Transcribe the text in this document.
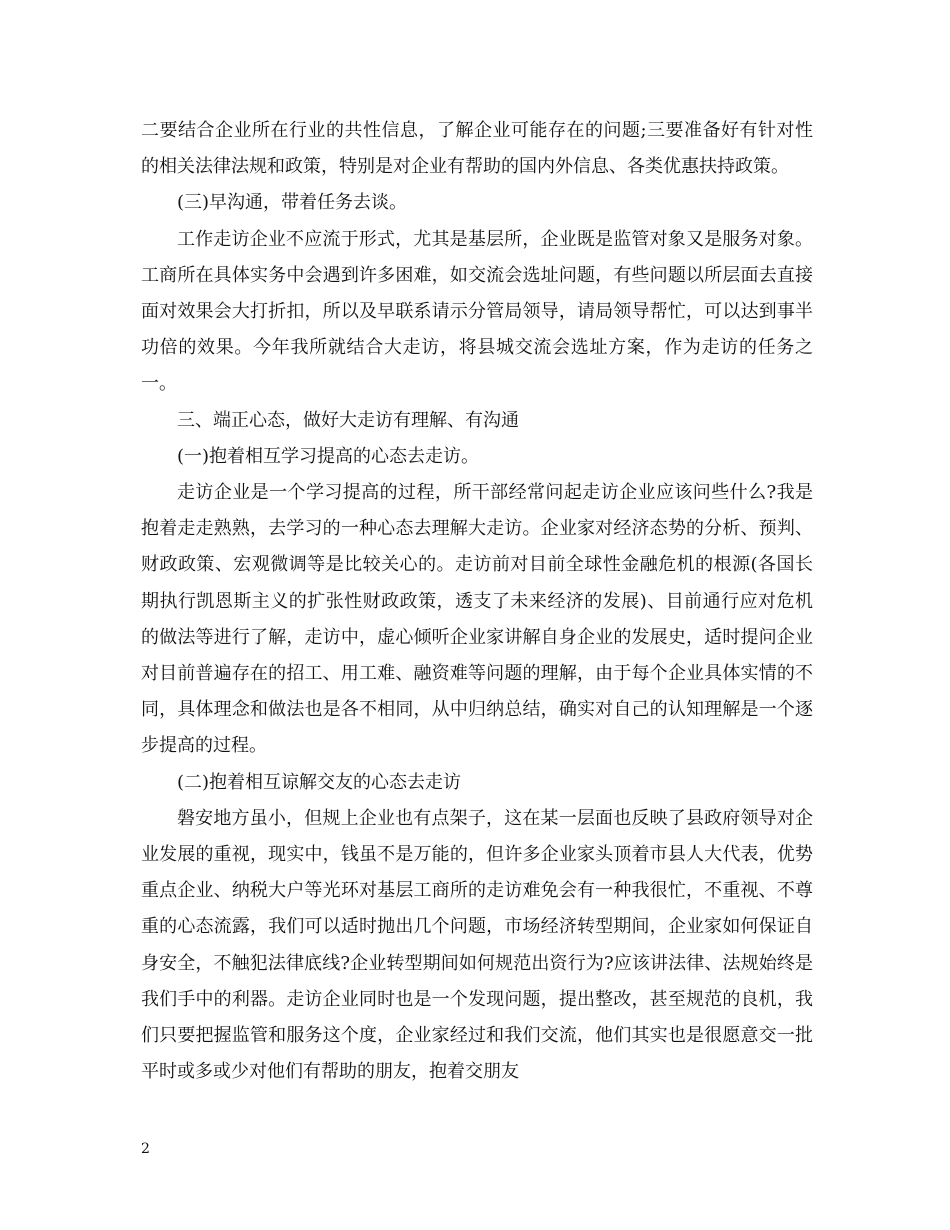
二要结合企业所在行业的共性信息，了解企业可能存在的问题;三要准备好有针对性的相关法律法规和政策，特别是对企业有帮助的国内外信息、各类优惠扶持政策。

(三)早沟通，带着任务去谈。

工作走访企业不应流于形式，尤其是基层所，企业既是监管对象又是服务对象。工商所在具体实务中会遇到许多困难，如交流会选址问题，有些问题以所层面去直接面对效果会大打折扣，所以及早联系请示分管局领导，请局领导帮忙，可以达到事半功倍的效果。今年我所就结合大走访，将县城交流会选址方案，作为走访的任务之一。

三、端正心态，做好大走访有理解、有沟通

(一)抱着相互学习提高的心态去走访。

走访企业是一个学习提高的过程，所干部经常问起走访企业应该问些什么?我是抱着走走熟熟，去学习的一种心态去理解大走访。企业家对经济态势的分析、预判、财政政策、宏观微调等是比较关心的。走访前对目前全球性金融危机的根源(各国长期执行凯恩斯主义的扩张性财政政策，透支了未来经济的发展)、目前通行应对危机的做法等进行了解，走访中，虚心倾听企业家讲解自身企业的发展史，适时提问企业对目前普遍存在的招工、用工难、融资难等问题的理解，由于每个企业具体实情的不同，具体理念和做法也是各不相同，从中归纳总结，确实对自己的认知理解是一个逐步提高的过程。

(二)抱着相互谅解交友的心态去走访

磐安地方虽小，但规上企业也有点架子，这在某一层面也反映了县政府领导对企业发展的重视，现实中，钱虽不是万能的，但许多企业家头顶着市县人大代表，优势重点企业、纳税大户等光环对基层工商所的走访难免会有一种我很忙，不重视、不尊重的心态流露，我们可以适时抛出几个问题，市场经济转型期间，企业家如何保证自身安全，不触犯法律底线?企业转型期间如何规范出资行为?应该讲法律、法规始终是我们手中的利器。走访企业同时也是一个发现问题，提出整改，甚至规范的良机，我们只要把握监管和服务这个度，企业家经过和我们交流，他们其实也是很愿意交一批平时或多或少对他们有帮助的朋友，抱着交朋友

2
